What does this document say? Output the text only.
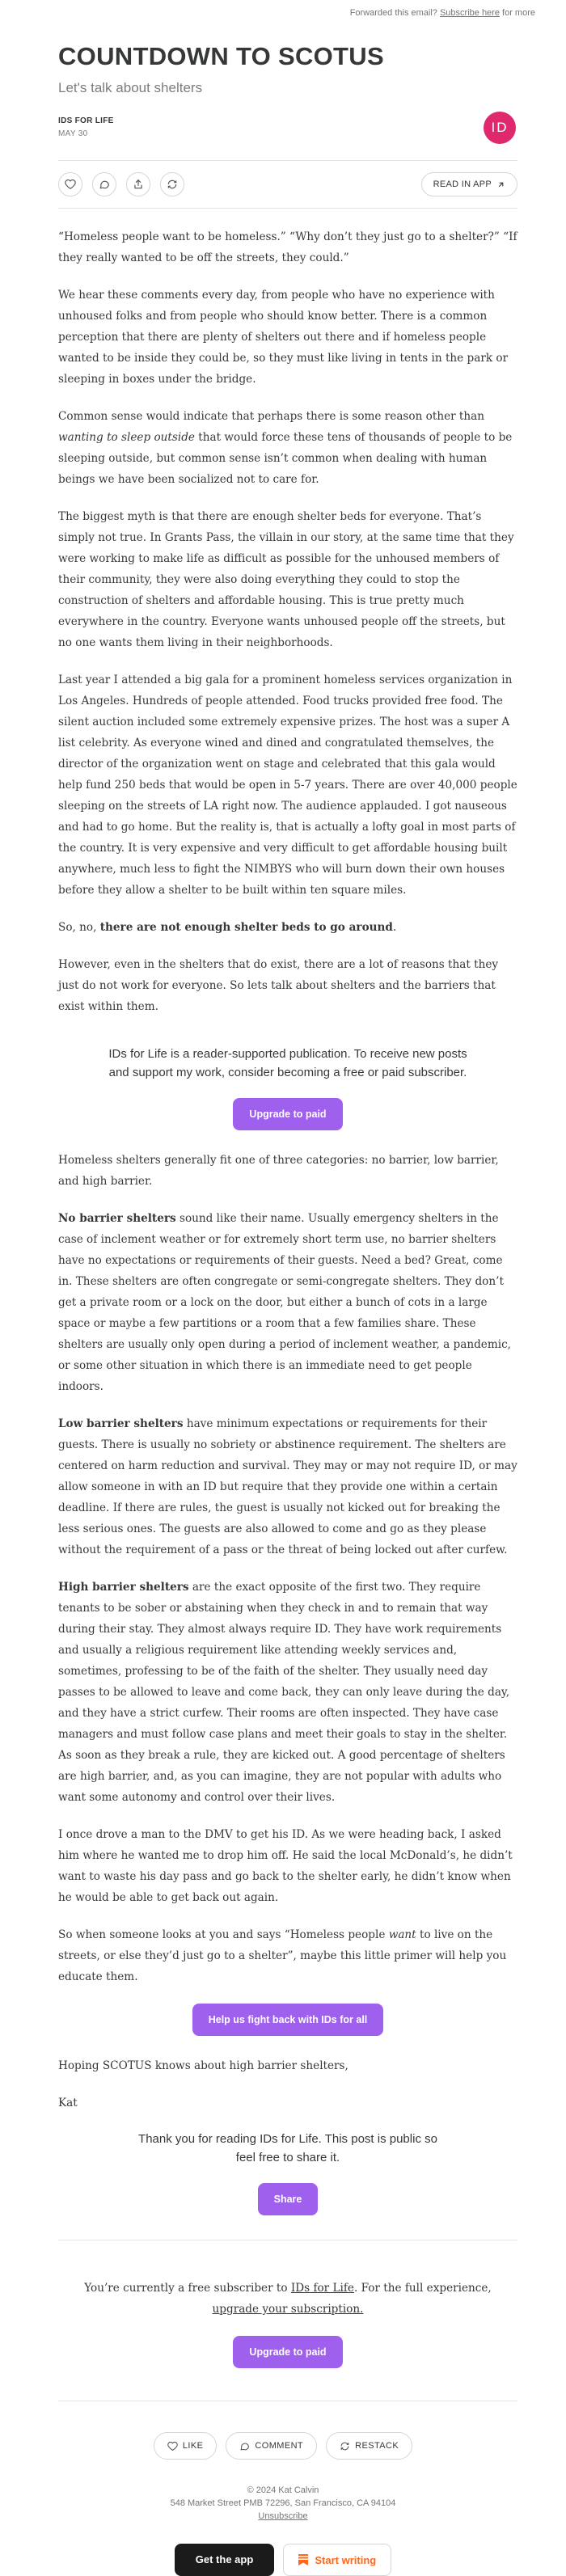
Forwarded this email? Subscribe here for more
COUNTDOWN TO SCOTUS
Let's talk about shelters
IDS FOR LIFE
MAY 30	ID
READ IN APP

“Homeless people want to be homeless.” “Why don’t they just go to a shelter?” “If they really wanted to be off the streets, they could.”

We hear these comments every day, from people who have no experience with unhoused folks and from people who should know better. There is a common perception that there are plenty of shelters out there and if homeless people wanted to be inside they could be, so they must like living in tents in the park or sleeping in boxes under the bridge.

Common sense would indicate that perhaps there is some reason other than wanting to sleep outside that would force these tens of thousands of people to be sleeping outside, but common sense isn’t common when dealing with human beings we have been socialized not to care for.

The biggest myth is that there are enough shelter beds for everyone. That’s simply not true. In Grants Pass, the villain in our story, at the same time that they were working to make life as difficult as possible for the unhoused members of their community, they were also doing everything they could to stop the construction of shelters and affordable housing. This is true pretty much everywhere in the country. Everyone wants unhoused people off the streets, but no one wants them living in their neighborhoods.

Last year I attended a big gala for a prominent homeless services organization in Los Angeles. Hundreds of people attended. Food trucks provided free food. The silent auction included some extremely expensive prizes. The host was a super A list celebrity. As everyone wined and dined and congratulated themselves, the director of the organization went on stage and celebrated that this gala would help fund 250 beds that would be open in 5-7 years. There are over 40,000 people sleeping on the streets of LA right now. The audience applauded. I got nauseous and had to go home. But the reality is, that is actually a lofty goal in most parts of the country. It is very expensive and very difficult to get affordable housing built anywhere, much less to fight the NIMBYS who will burn down their own houses before they allow a shelter to be built within ten square miles.

So, no, there are not enough shelter beds to go around.

However, even in the shelters that do exist, there are a lot of reasons that they just do not work for everyone. So lets talk about shelters and the barriers that exist within them.

IDs for Life is a reader-supported publication. To receive new posts and support my work, consider becoming a free or paid subscriber.
Upgrade to paid

Homeless shelters generally fit one of three categories: no barrier, low barrier, and high barrier.

No barrier shelters sound like their name. Usually emergency shelters in the case of inclement weather or for extremely short term use, no barrier shelters have no expectations or requirements of their guests. Need a bed? Great, come in. These shelters are often congregate or semi-congregate shelters. They don’t get a private room or a lock on the door, but either a bunch of cots in a large space or maybe a few partitions or a room that a few families share. These shelters are usually only open during a period of inclement weather, a pandemic, or some other situation in which there is an immediate need to get people indoors.

Low barrier shelters have minimum expectations or requirements for their guests. There is usually no sobriety or abstinence requirement. The shelters are centered on harm reduction and survival. They may or may not require ID, or may allow someone in with an ID but require that they provide one within a certain deadline. If there are rules, the guest is usually not kicked out for breaking the less serious ones. The guests are also allowed to come and go as they please without the requirement of a pass or the threat of being locked out after curfew.

High barrier shelters are the exact opposite of the first two. They require tenants to be sober or abstaining when they check in and to remain that way during their stay. They almost always require ID. They have work requirements and usually a religious requirement like attending weekly services and, sometimes, professing to be of the faith of the shelter. They usually need day passes to be allowed to leave and come back, they can only leave during the day, and they have a strict curfew. Their rooms are often inspected. They have case managers and must follow case plans and meet their goals to stay in the shelter. As soon as they break a rule, they are kicked out. A good percentage of shelters are high barrier, and, as you can imagine, they are not popular with adults who want some autonomy and control over their lives.

I once drove a man to the DMV to get his ID. As we were heading back, I asked him where he wanted me to drop him off. He said the local McDonald’s, he didn’t want to waste his day pass and go back to the shelter early, he didn’t know when he would be able to get back out again.

So when someone looks at you and says “Homeless people want to live on the streets, or else they’d just go to a shelter”, maybe this little primer will help you educate them.

Help us fight back with IDs for all

Hoping SCOTUS knows about high barrier shelters,

Kat

Thank you for reading IDs for Life. This post is public so feel free to share it.
Share

You’re currently a free subscriber to IDs for Life. For the full experience,
upgrade your subscription.

Upgrade to paid
LIKE
	COMMENT
	RESTACK
© 2024 Kat Calvin
548 Market Street PMB 72296, San Francisco, CA 94104
Unsubscribe
Get the app	Start writing
